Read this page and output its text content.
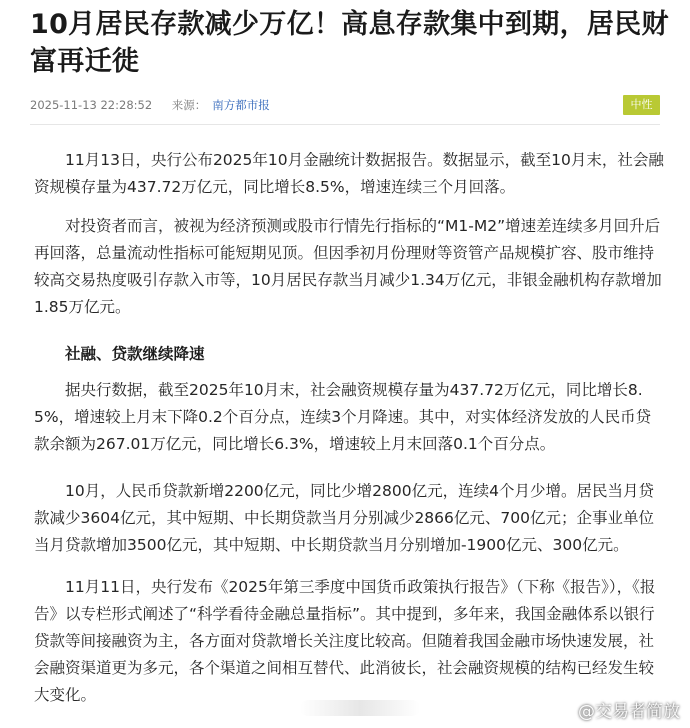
10月居民存款减少万亿！高息存款集中到期，居民财富再迁徙
2025-11-13 22:28:52 来源： 南方都市报	中性

11月13日，央行公布2025年10月金融统计数据报告。数据显示，截至10月末，社会融资规模存量为437.72万亿元，同比增长8.5%，增速连续三个月回落。

对投资者而言，被视为经济预测或股市行情先行指标的“M1-M2”增速差连续多月回升后再回落，总量流动性指标可能短期见顶。但因季初月份理财等资管产品规模扩容、股市维持较高交易热度吸引存款入市等，10月居民存款当月减少1.34万亿元，非银金融机构存款增加1.85万亿元。

社融、贷款继续降速

据央行数据，截至2025年10月末，社会融资规模存量为437.72万亿元，同比增长8.5%，增速较上月末下降0.2个百分点，连续3个月降速。其中，对实体经济发放的人民币贷款余额为267.01万亿元，同比增长6.3%，增速较上月末回落0.1个百分点。

10月，人民币贷款新增2200亿元，同比少增2800亿元，连续4个月少增。居民当月贷款减少3604亿元，其中短期、中长期贷款当月分别减少2866亿元、700亿元；企事业单位当月贷款增加3500亿元，其中短期、中长期贷款当月分别增加-1900亿元、300亿元。

11月11日，央行发布《2025年第三季度中国货币政策执行报告》（下称《报告》），《报告》以专栏形式阐述了“科学看待金融总量指标”。其中提到，多年来，我国金融体系以银行贷款等间接融资为主，各方面对贷款增长关注度比较高。但随着我国金融市场快速发展，社会融资渠道更为多元，各个渠道之间相互替代、此消彼长，社会融资规模的结构已经发生较大变化。

@交易者简放
